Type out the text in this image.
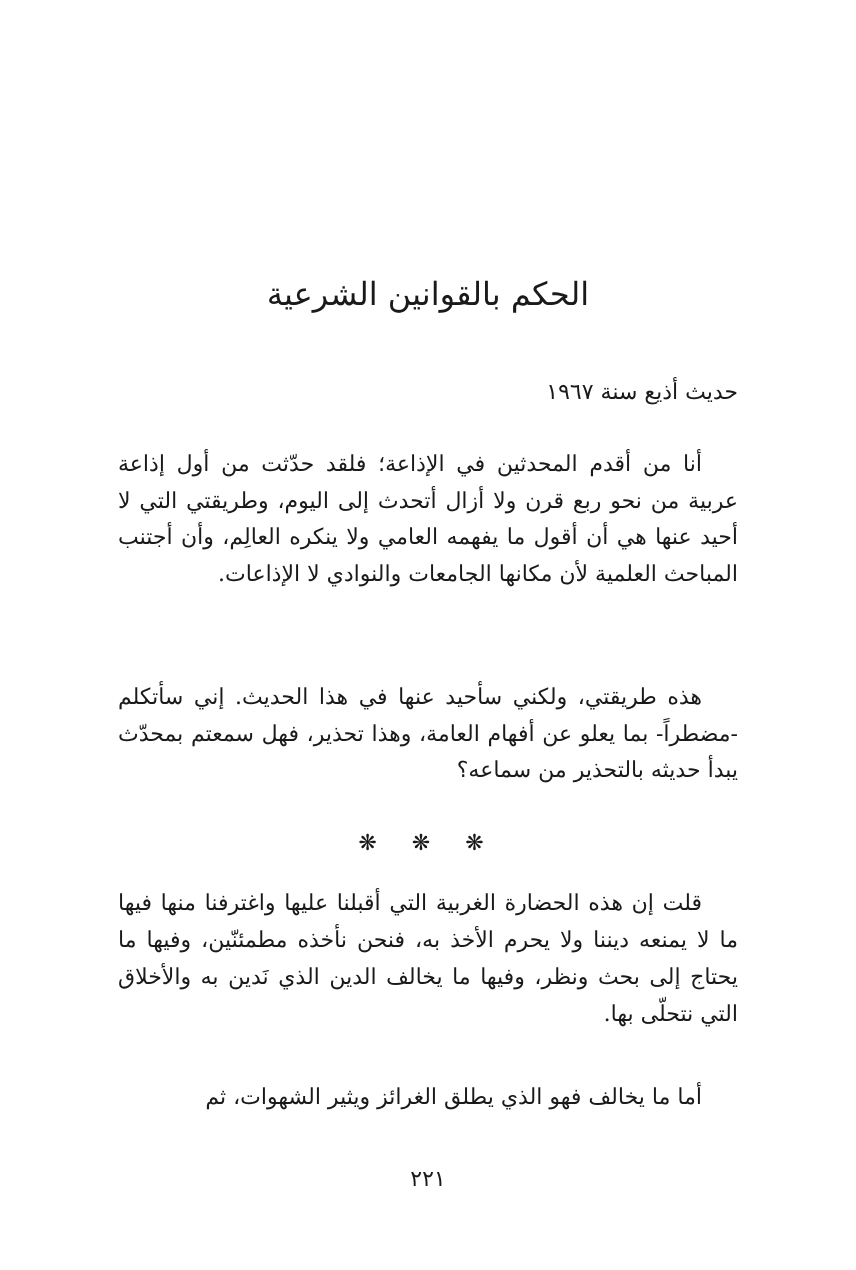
الحكم بالقوانين الشرعية

حديث أذيع سنة ١٩٦٧

أنا من أقدم المحدثين في الإذاعة؛ فلقد حدّثت من أول إذاعة عربية من نحو ربع قرن ولا أزال أتحدث إلى اليوم، وطريقتي التي لا أحيد عنها هي أن أقول ما يفهمه العامي ولا ينكره العالِم، وأن أجتنب المباحث العلمية لأن مكانها الجامعات والنوادي لا الإذاعات.

هذه طريقتي، ولكني سأحيد عنها في هذا الحديث. إني سأتكلم -مضطراً- بما يعلو عن أفهام العامة، وهذا تحذير، فهل سمعتم بمحدّث يبدأ حديثه بالتحذير من سماعه؟

❋ ❋ ❋

قلت إن هذه الحضارة الغربية التي أقبلنا عليها واغترفنا منها فيها ما لا يمنعه ديننا ولا يحرم الأخذ به، فنحن نأخذه مطمئنّين، وفيها ما يحتاج إلى بحث ونظر، وفيها ما يخالف الدين الذي نَدين به والأخلاق التي نتحلّى بها.

أما ما يخالف فهو الذي يطلق الغرائز ويثير الشهوات، ثم

٢٢١
